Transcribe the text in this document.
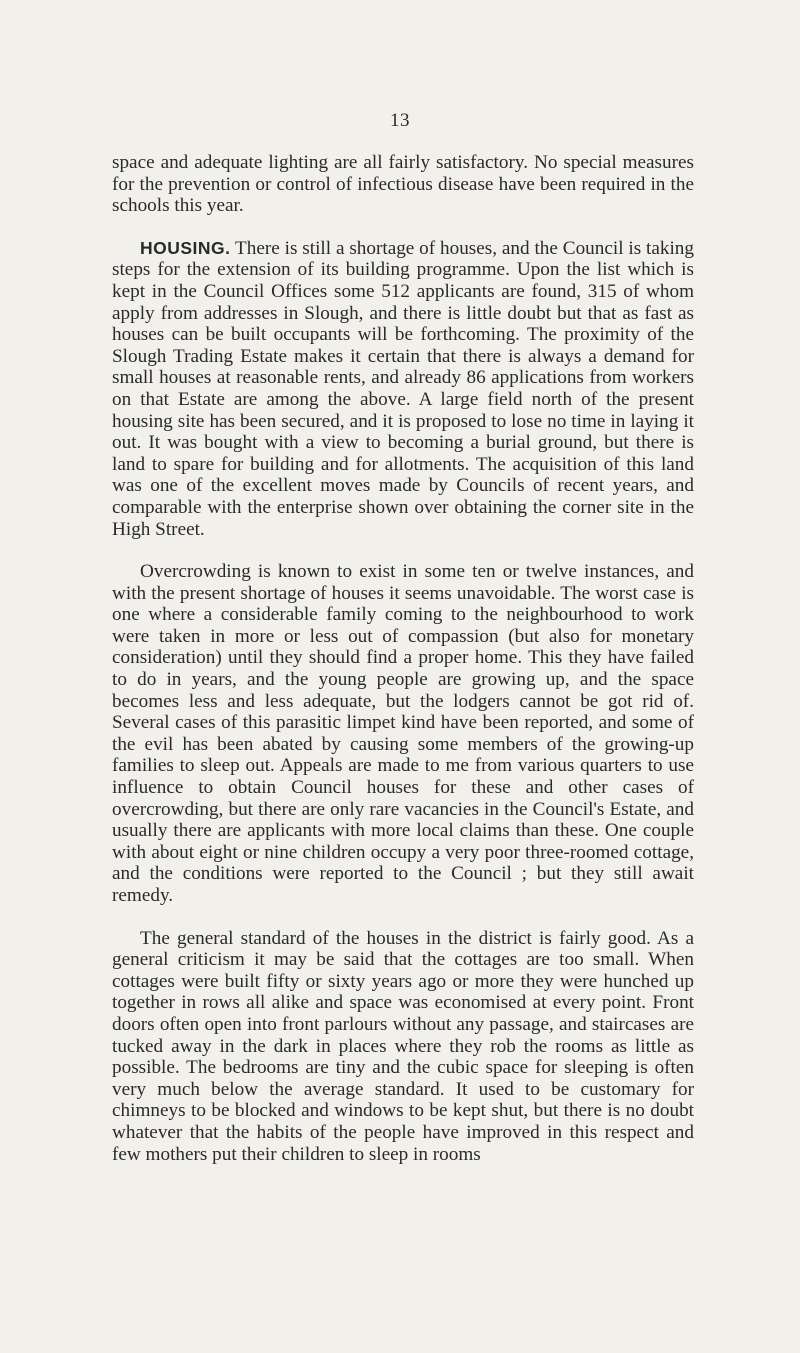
13

space and adequate lighting are all fairly satisfactory. No special measures for the prevention or control of infectious disease have been required in the schools this year.

HOUSING. There is still a shortage of houses, and the Council is taking steps for the extension of its building programme. Upon the list which is kept in the Council Offices some 512 applicants are found, 315 of whom apply from addresses in Slough, and there is little doubt but that as fast as houses can be built occupants will be forthcoming. The proximity of the Slough Trading Estate makes it certain that there is always a demand for small houses at reasonable rents, and already 86 applications from workers on that Estate are among the above. A large field north of the present housing site has been secured, and it is proposed to lose no time in laying it out. It was bought with a view to becoming a burial ground, but there is land to spare for building and for allotments. The acquisition of this land was one of the excellent moves made by Councils of recent years, and comparable with the enterprise shown over obtaining the corner site in the High Street.

Overcrowding is known to exist in some ten or twelve instances, and with the present shortage of houses it seems unavoidable. The worst case is one where a considerable family coming to the neighbourhood to work were taken in more or less out of compassion (but also for monetary consideration) until they should find a proper home. This they have failed to do in years, and the young people are growing up, and the space becomes less and less adequate, but the lodgers cannot be got rid of. Several cases of this parasitic limpet kind have been reported, and some of the evil has been abated by causing some members of the growing-up families to sleep out. Appeals are made to me from various quarters to use influence to obtain Council houses for these and other cases of overcrowding, but there are only rare vacancies in the Council's Estate, and usually there are applicants with more local claims than these. One couple with about eight or nine children occupy a very poor three-roomed cottage, and the conditions were reported to the Council ; but they still await remedy.

The general standard of the houses in the district is fairly good. As a general criticism it may be said that the cottages are too small. When cottages were built fifty or sixty years ago or more they were hunched up together in rows all alike and space was economised at every point. Front doors often open into front parlours without any passage, and staircases are tucked away in the dark in places where they rob the rooms as little as possible. The bedrooms are tiny and the cubic space for sleeping is often very much below the average standard. It used to be customary for chimneys to be blocked and windows to be kept shut, but there is no doubt whatever that the habits of the people have improved in this respect and few mothers put their children to sleep in rooms
